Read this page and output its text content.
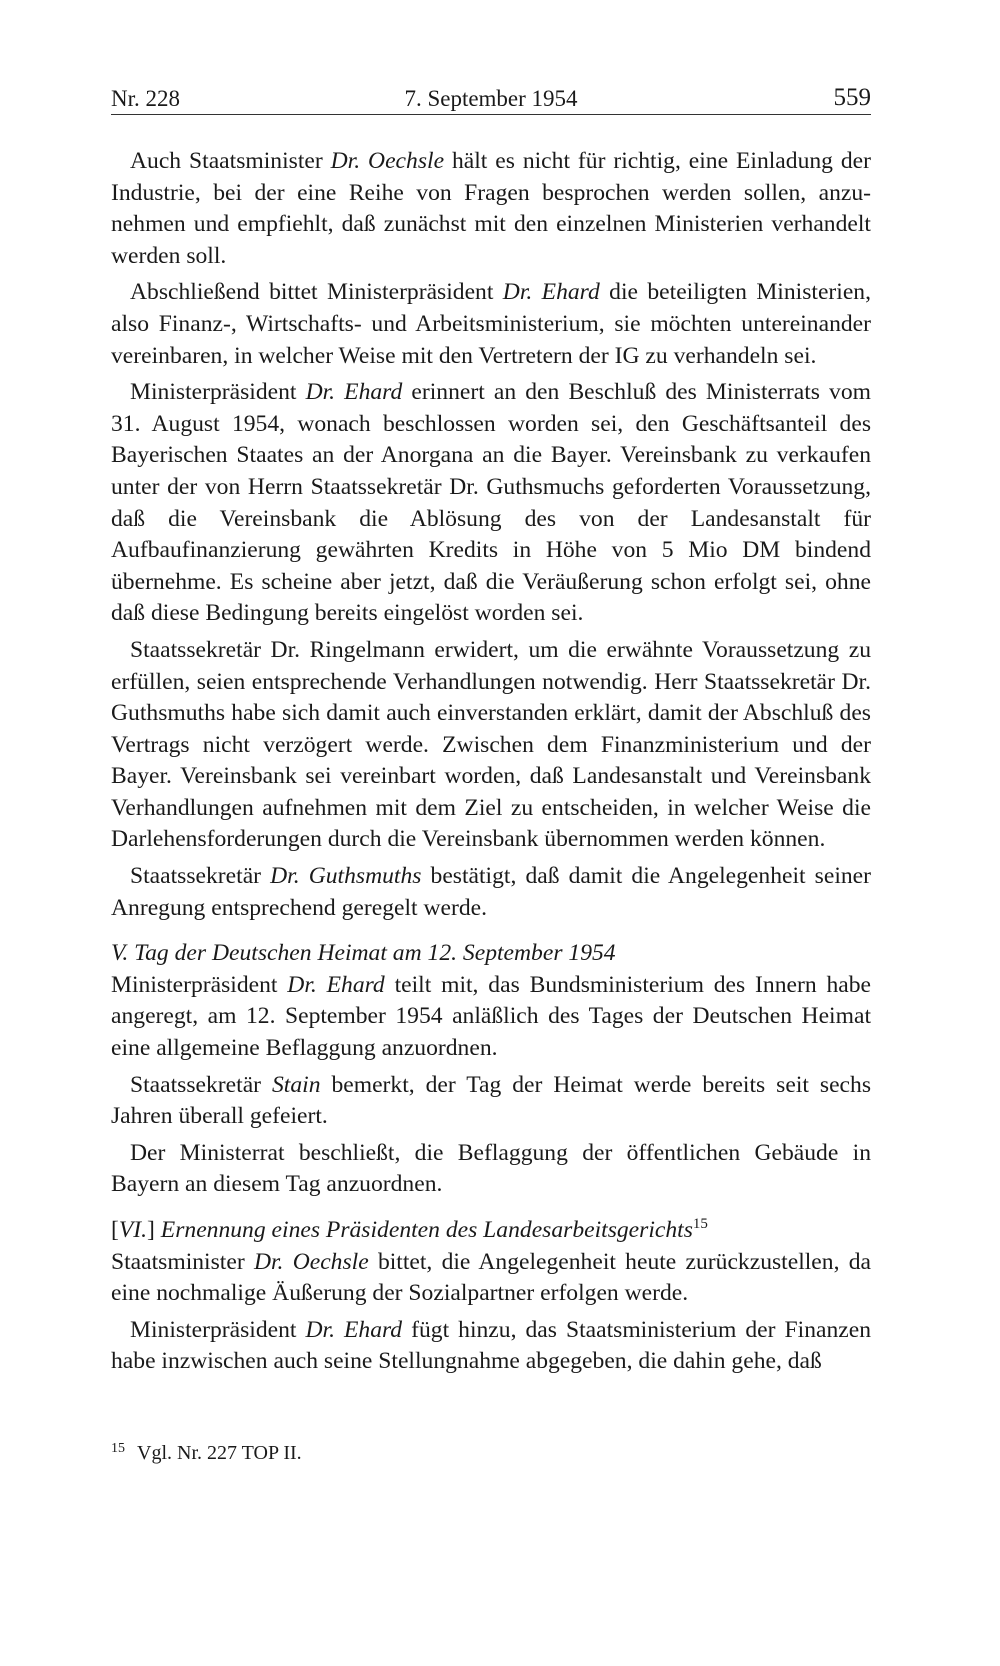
Nr. 228	7. September 1954	559

Auch Staatsminister Dr. Oechsle hält es nicht für richtig, eine Einladung der Industrie, bei der eine Reihe von Fragen besprochen werden sollen, anzunehmen und empfiehlt, daß zunächst mit den einzelnen Ministerien verhandelt werden soll.

Abschließend bittet Ministerpräsident Dr. Ehard die beteiligten Ministerien, also Finanz-, Wirtschafts- und Arbeitsministerium, sie möchten untereinander vereinbaren, in welcher Weise mit den Vertretern der IG zu verhandeln sei.

Ministerpräsident Dr. Ehard erinnert an den Beschluß des Ministerrats vom 31. August 1954, wonach beschlossen worden sei, den Geschäftsanteil des Bayerischen Staates an der Anorgana an die Bayer. Vereinsbank zu verkaufen unter der von Herrn Staatssekretär Dr. Guthsmuchs geforderten Voraussetzung, daß die Vereinsbank die Ablösung des von der Landesanstalt für Aufbaufinanzierung gewährten Kredits in Höhe von 5 Mio DM bindend übernehme. Es scheine aber jetzt, daß die Veräußerung schon erfolgt sei, ohne daß diese Bedingung bereits eingelöst worden sei.

Staatssekretär Dr. Ringelmann erwidert, um die erwähnte Voraussetzung zu erfüllen, seien entsprechende Verhandlungen notwendig. Herr Staatssekretär Dr. Guthsmuths habe sich damit auch einverstanden erklärt, damit der Abschluß des Vertrags nicht verzögert werde. Zwischen dem Finanzministerium und der Bayer. Vereinsbank sei vereinbart worden, daß Landesanstalt und Vereinsbank Verhandlungen aufnehmen mit dem Ziel zu entscheiden, in welcher Weise die Darlehensforderungen durch die Vereinsbank übernommen werden können.

Staatssekretär Dr. Guthsmuths bestätigt, daß damit die Angelegenheit seiner Anregung entsprechend geregelt werde.

V. Tag der Deutschen Heimat am 12. September 1954

Ministerpräsident Dr. Ehard teilt mit, das Bundsministerium des Innern habe angeregt, am 12. September 1954 anläßlich des Tages der Deutschen Heimat eine allgemeine Beflaggung anzuordnen.

Staatssekretär Stain bemerkt, der Tag der Heimat werde bereits seit sechs Jahren überall gefeiert.

Der Ministerrat beschließt, die Beflaggung der öffentlichen Gebäude in Bayern an diesem Tag anzuordnen.

[VI.] Ernennung eines Präsidenten des Landesarbeitsgerichts$^{15}$

Staatsminister Dr. Oechsle bittet, die Angelegenheit heute zurückzustellen, da eine nochmalige Äußerung der Sozialpartner erfolgen werde.

Ministerpräsident Dr. Ehard fügt hinzu, das Staatsministerium der Finanzen habe inzwischen auch seine Stellungnahme abgegeben, die dahin gehe, daß

$^{15}$ Vgl. Nr. 227 TOP II.
